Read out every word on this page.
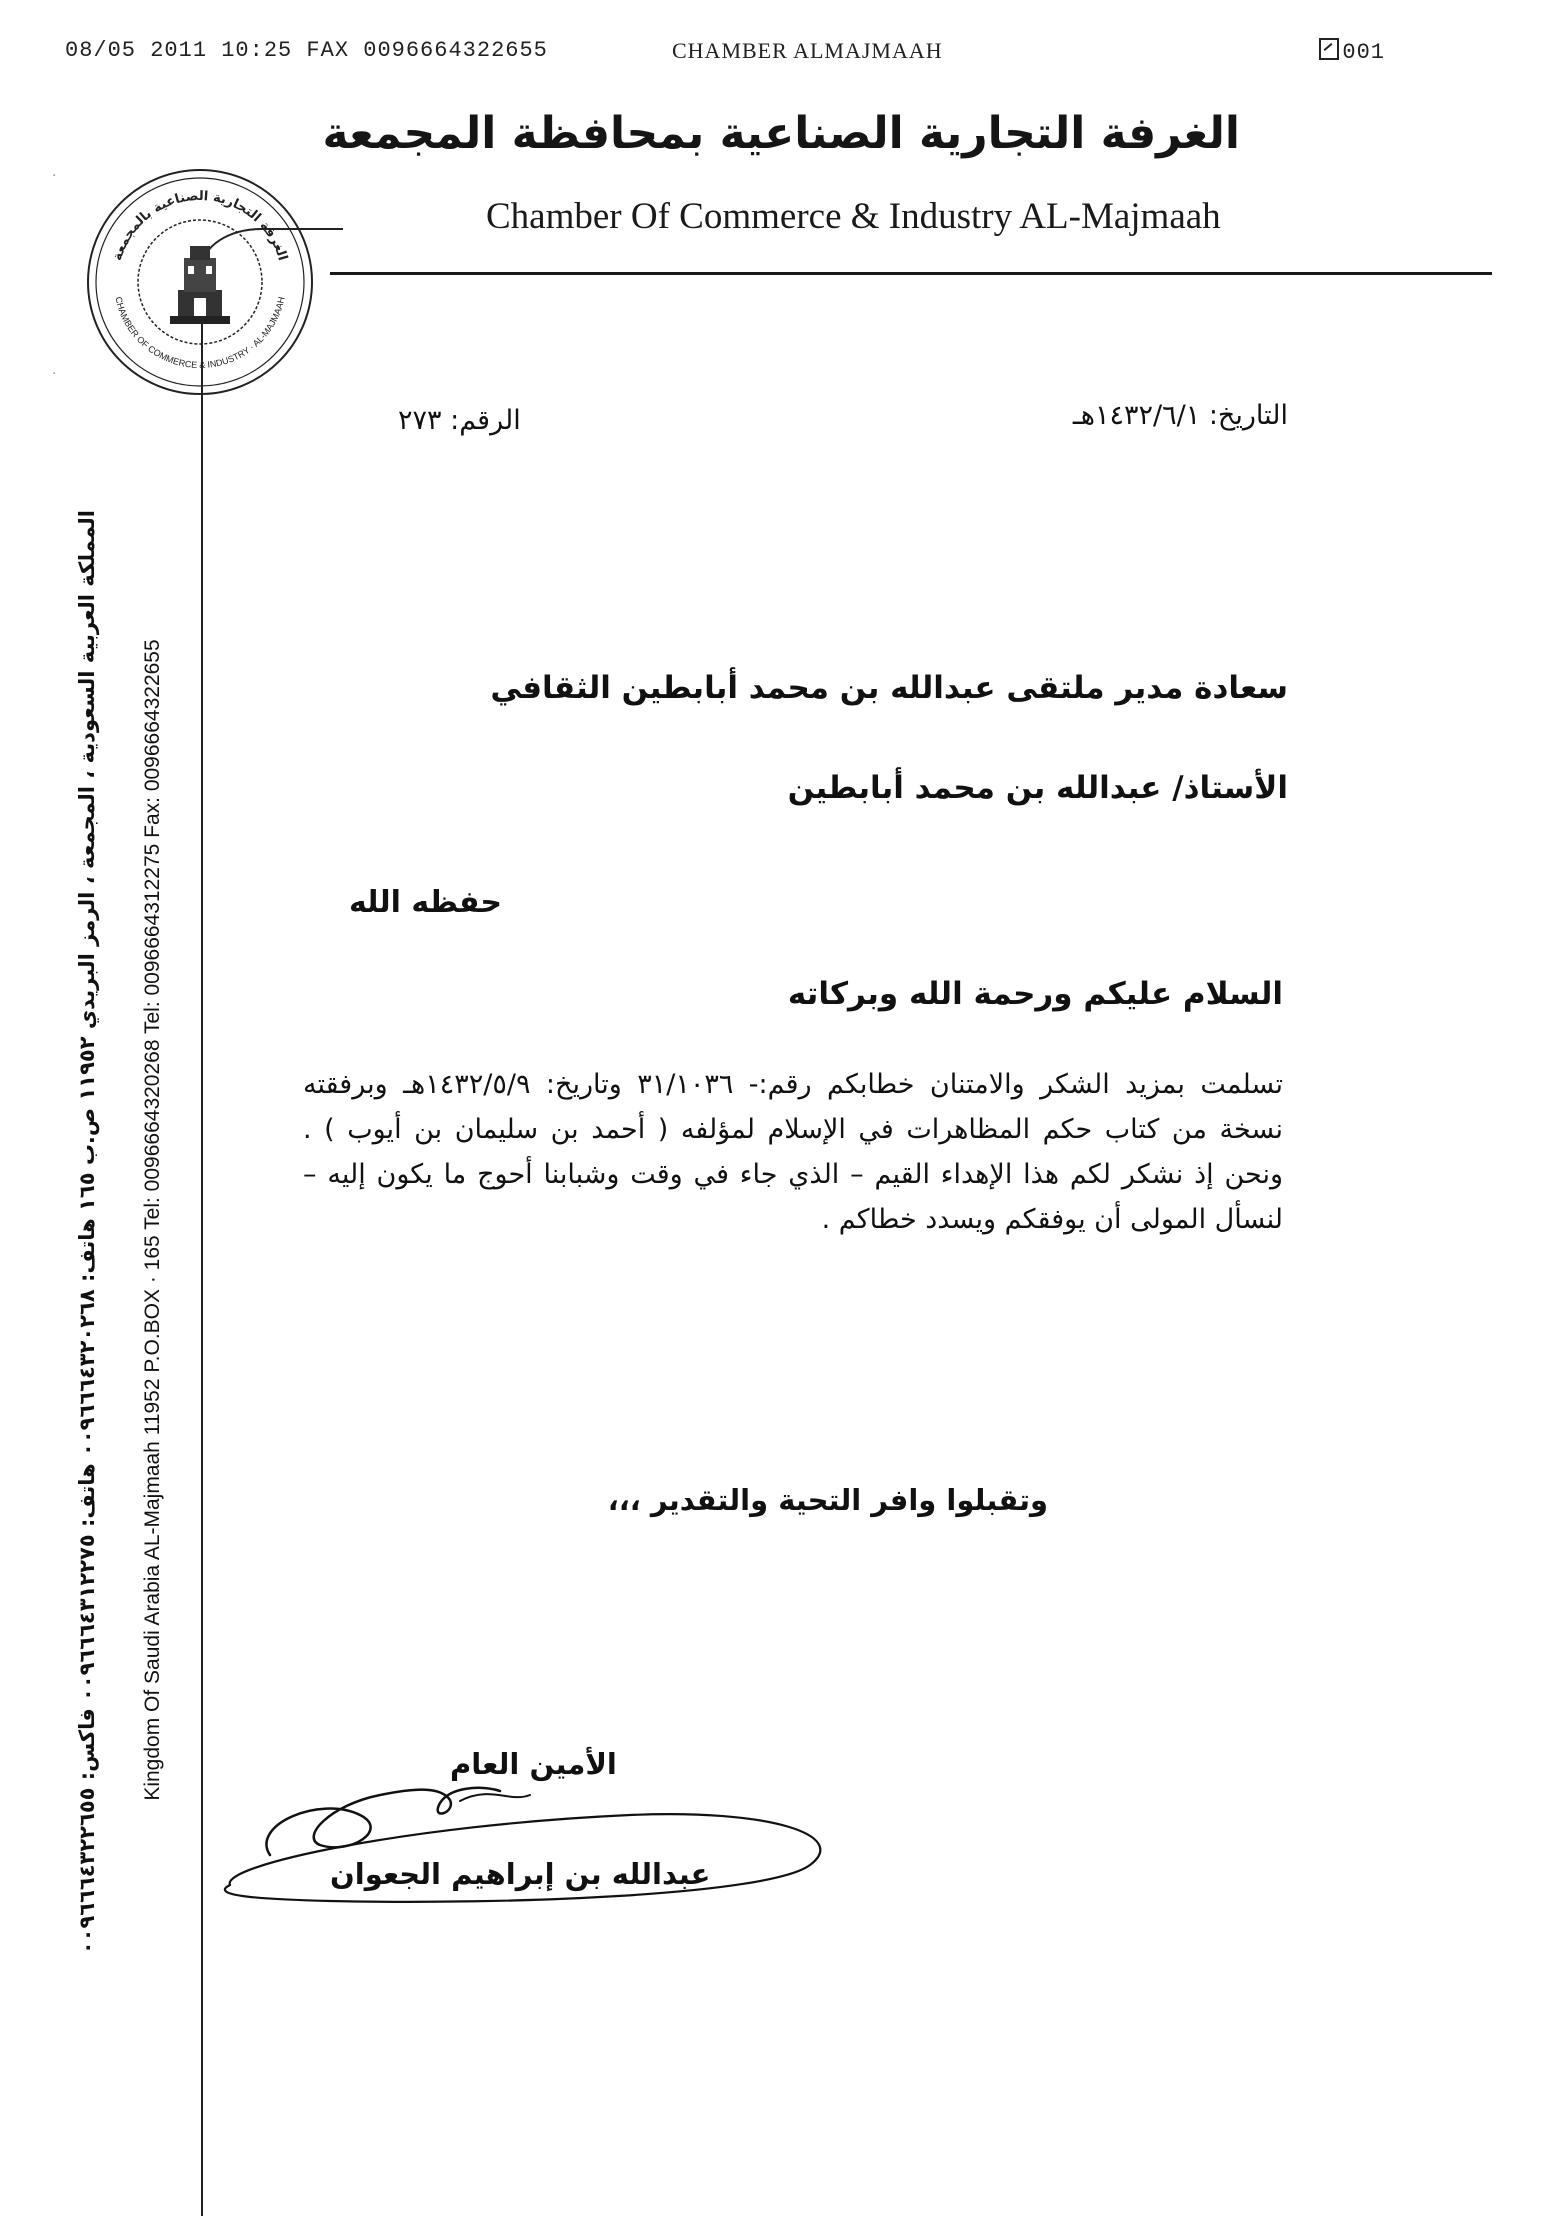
08/05 2011 10:25 FAX 0096664322655	CHAMBER ALMAJMAAH	001
الغرفة التجارية الصناعية بمحافظة المجمعة
Chamber Of Commerce & Industry AL-Majmaah
·
·
الغرفة التجارية الصناعية بالمجمعة
CHAMBER OF COMMERCE & INDUSTRY · AL-MAJMAAH
التاريخ: ١٤٣٢/٦/١هـ
الرقم: ٢٧٣
المملكة العربية السعودية ، المجمعة ، الرمز البريدي ١١٩٥٢ ص.ب ١٦٥ هاتف: ٠٠٩٦٦٦٤٣٢٠٢٦٨ هاتف: ٠٠٩٦٦٦٤٣١٢٢٧٥ فاكس: ٠٠٩٦٦٦٤٣٢٢٦٥٥ Kingdom Of Saudi Arabia AL-Majmaah 11952 P.O.BOX · 165 Tel: 0096664320268 Tel: 0096664312275 Fax: 0096664322655	سعادة مدير ملتقى عبدالله بن محمد أبابطين الثقافي
الأستاذ/ عبدالله بن محمد أبابطين
حفظه الله
السلام عليكم ورحمة الله وبركاته
تسلمت بمزيد الشكر والامتنان خطابكم رقم:- ٣١/١٠٣٦ وتاريخ: ١٤٣٢/٥/٩هـ وبرفقته نسخة من كتاب حكم المظاهرات في الإسلام لمؤلفه ( أحمد بن سليمان بن أيوب ) . ونحن إذ نشكر لكم هذا الإهداء القيم – الذي جاء في وقت وشبابنا أحوج ما يكون إليه – لنسأل المولى أن يوفقكم ويسدد خطاكم .
وتقبلوا وافر التحية والتقدير ،،،
الأمين العام
عبدالله بن إبراهيم الجعوان
